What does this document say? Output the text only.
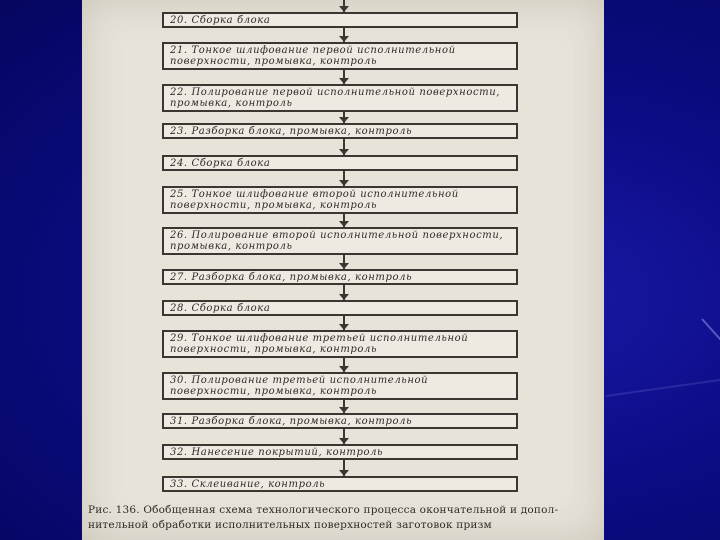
Рис. 136. Обобщенная схема технологического процесса окончательной и допол-
нительной обработки исполнительных поверхностей заготовок призм
20. Сборка блока
21. Тонкое шлифование первой исполнительной поверхности, промывка, контроль
22. Полирование первой исполнительной поверхности, промывка, контроль
23. Разборка блока, промывка, контроль
24. Сборка блока
25. Тонкое шлифование второй исполнительной поверхности, промывка, контроль
26. Полирование второй исполнительной поверхности, промывка, контроль
27. Разборка блока, промывка, контроль
28. Сборка блока
29. Тонкое шлифование третьей исполнительной поверхности, промывка, контроль
30. Полирование третьей исполнительной поверхности, промывка, контроль
31. Разборка блока, промывка, контроль
32. Нанесение покрытий, контроль
33. Склеивание, контроль
